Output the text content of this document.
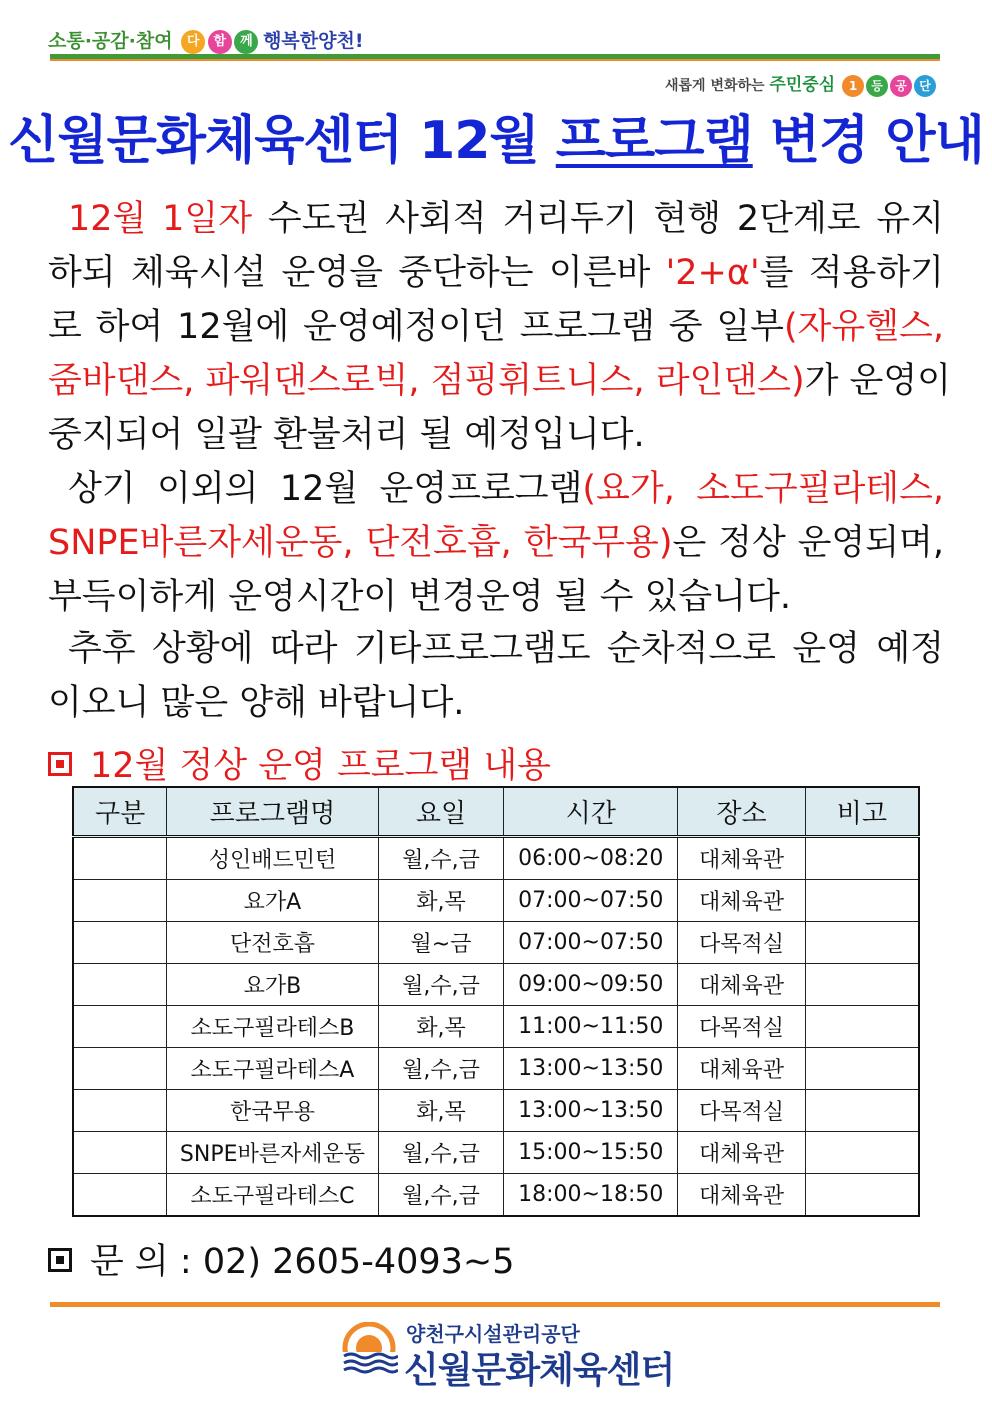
소통·공감·참여 다 함 께 행복한양천!
새롭게 변화하는 주민중심 1 등 공 단
신월문화체육센터 12월 프로그램 변경 안내
12월 1일자 수도권 사회적 거리두기 현행 2단계로 유지
하되 체육시설 운영을 중단하는 이른바 '2+α'를 적용하기
로 하여 12월에 운영예정이던 프로그램 중 일부(자유헬스,
줌바댄스, 파워댄스로빅, 점핑휘트니스, 라인댄스)가 운영이
중지되어 일괄 환불처리 될 예정입니다.
상기 이외의 12월 운영프로그램(요가, 소도구필라테스,
SNPE바른자세운동, 단전호흡, 한국무용)은 정상 운영되며,
부득이하게 운영시간이 변경운영 될 수 있습니다.
추후 상황에 따라 기타프로그램도 순차적으로 운영 예정
이오니 많은 양해 바랍니다.
12월 정상 운영 프로그램 내용
구분	프로그램명	요일	시간	장소	비고
	성인배드민턴	월,수,금	06:00~08:20	대체육관	
	요가A	화,목	07:00~07:50	대체육관	
	단전호흡	월~금	07:00~07:50	다목적실	
	요가B	월,수,금	09:00~09:50	대체육관	
	소도구필라테스B	화,목	11:00~11:50	다목적실	
	소도구필라테스A	월,수,금	13:00~13:50	대체육관	
	한국무용	화,목	13:00~13:50	다목적실	
	SNPE바른자세운동	월,수,금	15:00~15:50	대체육관	
	소도구필라테스C	월,수,금	18:00~18:50	대체육관	
문 의 : 02) 2605-4093~5
양천구시설관리공단
신월문화체육센터
